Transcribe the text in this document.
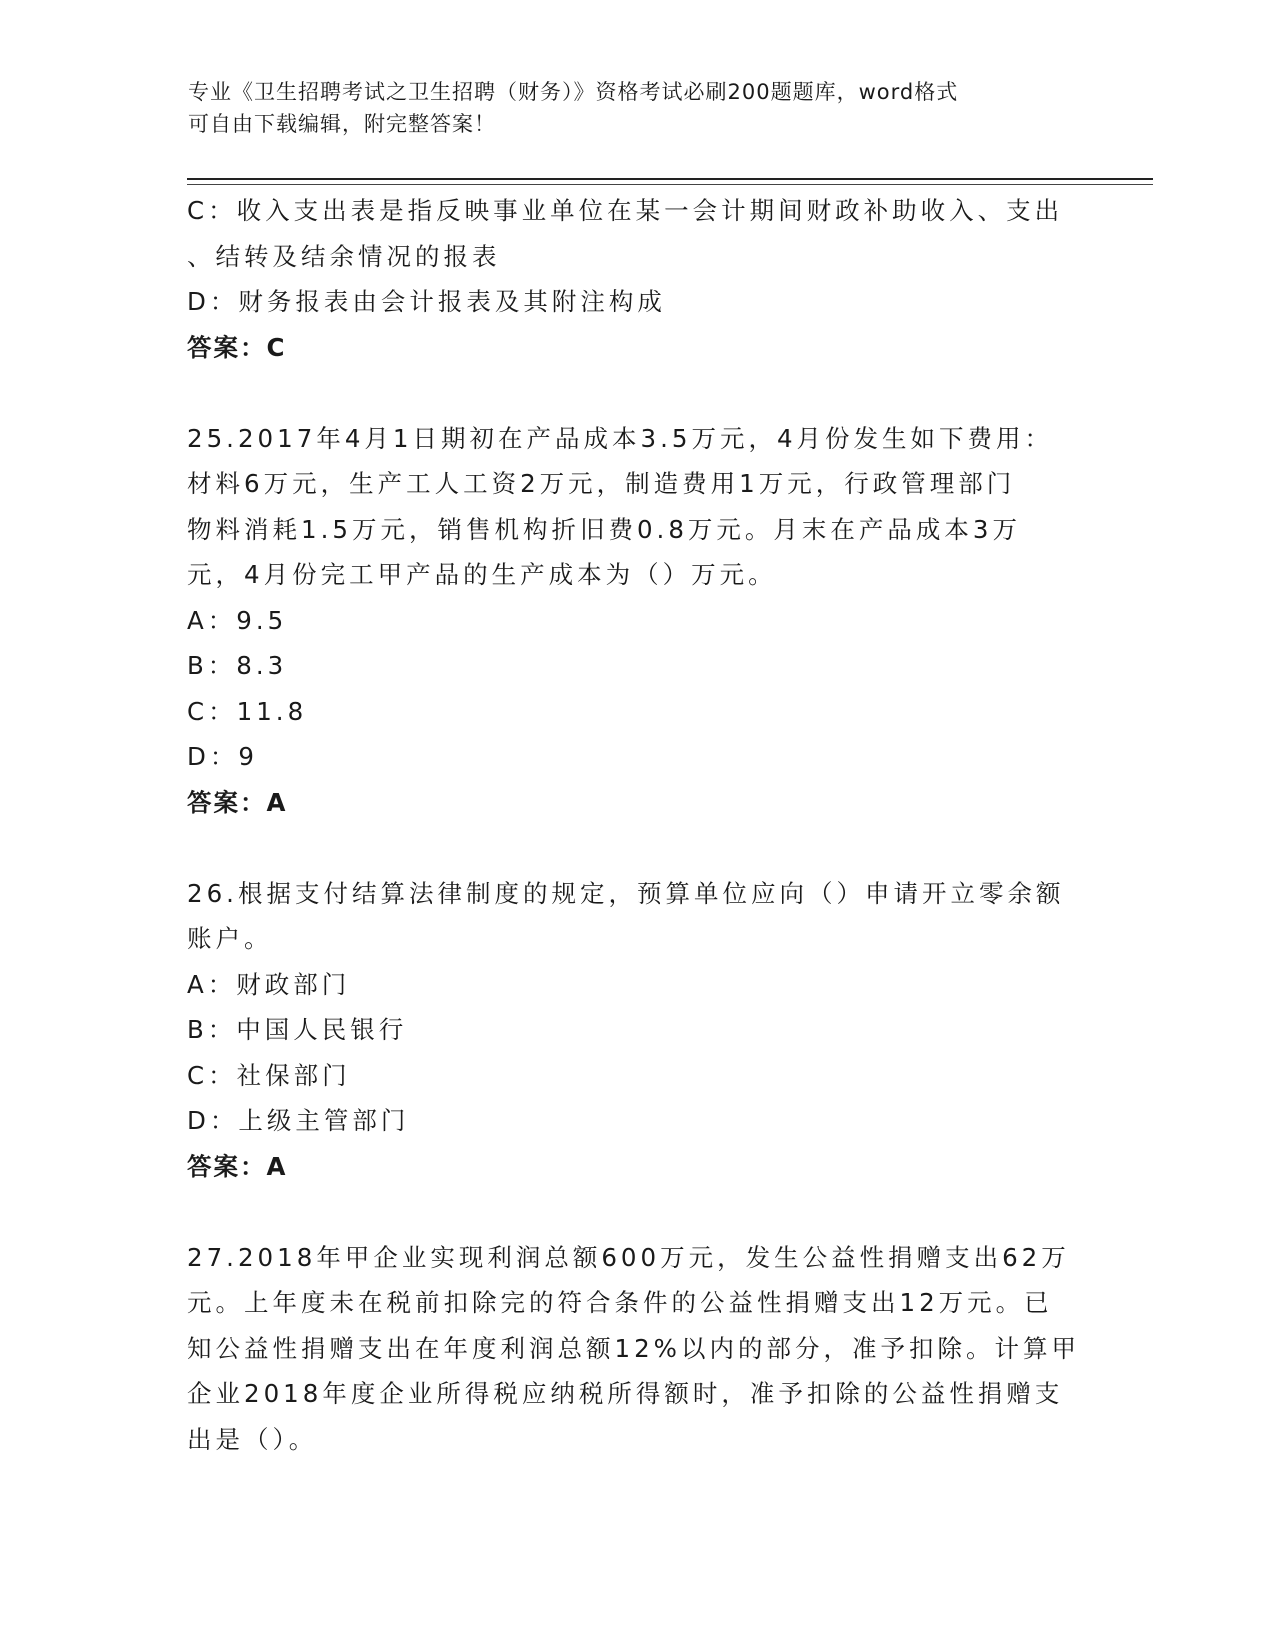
专业《卫生招聘考试之卫生招聘（财务）》资格考试必刷200题题库，word格式
可自由下载编辑，附完整答案！
C：收入支出表是指反映事业单位在某一会计期间财政补助收入、支出
、结转及结余情况的报表
D：财务报表由会计报表及其附注构成
答案：C
25.2017年4月1日期初在产品成本3.5万元，4月份发生如下费用：
材料6万元，生产工人工资2万元，制造费用1万元，行政管理部门
物料消耗1.5万元，销售机构折旧费0.8万元。月末在产品成本3万
元，4月份完工甲产品的生产成本为（）万元。
A：9.5
B：8.3
C：11.8
D：9
答案：A
26.根据支付结算法律制度的规定，预算单位应向（）申请开立零余额
账户。
A：财政部门
B：中国人民银行
C：社保部门
D：上级主管部门
答案：A
27.2018年甲企业实现利润总额600万元，发生公益性捐赠支出62万
元。上年度未在税前扣除完的符合条件的公益性捐赠支出12万元。已
知公益性捐赠支出在年度利润总额12%以内的部分，准予扣除。计算甲
企业2018年度企业所得税应纳税所得额时，准予扣除的公益性捐赠支
出是（）。
